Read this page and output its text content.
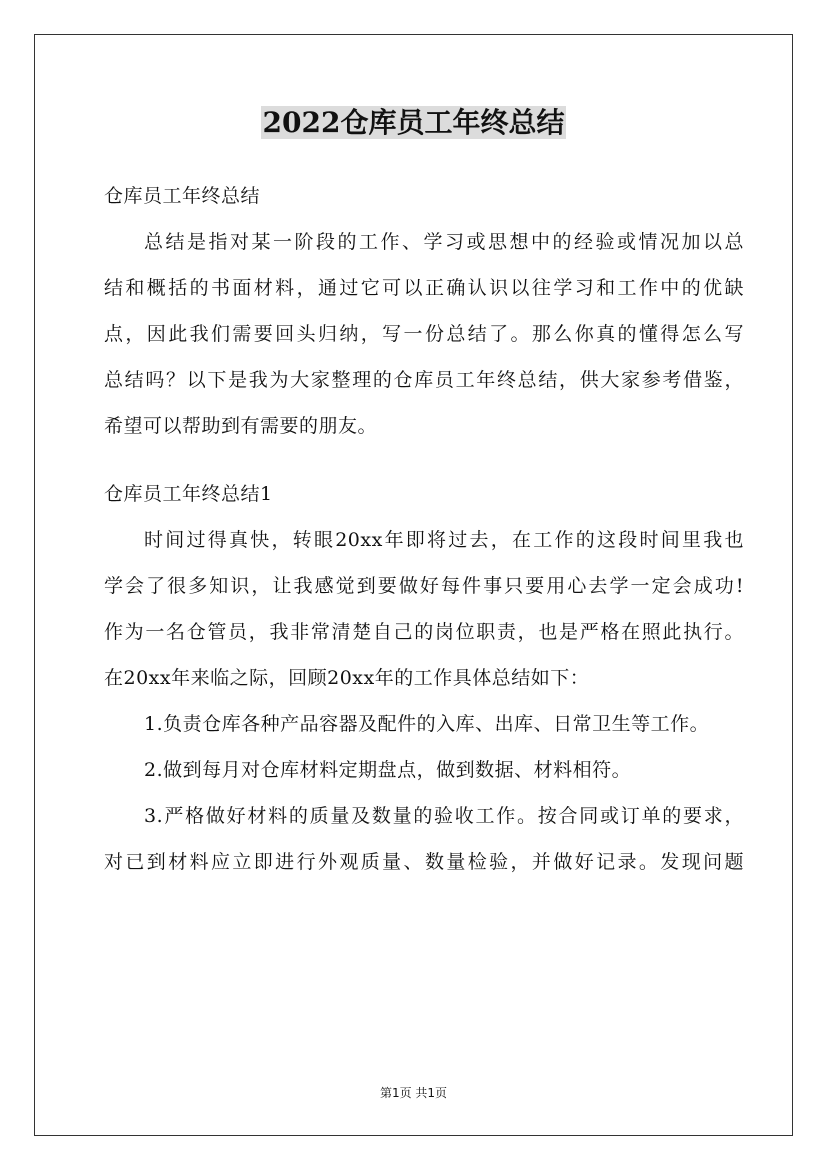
2022仓库员工年终总结
仓库员工年终总结
总结是指对某一阶段的工作、学习或思想中的经验或情况加以总
结和概括的书面材料，通过它可以正确认识以往学习和工作中的优缺
点，因此我们需要回头归纳，写一份总结了。那么你真的懂得怎么写
总结吗？以下是我为大家整理的仓库员工年终总结，供大家参考借鉴，
希望可以帮助到有需要的朋友。
仓库员工年终总结1
时间过得真快，转眼20xx年即将过去，在工作的这段时间里我也
学会了很多知识，让我感觉到要做好每件事只要用心去学一定会成功!
作为一名仓管员，我非常清楚自己的岗位职责，也是严格在照此执行。
在20xx年来临之际，回顾20xx年的工作具体总结如下：
1.负责仓库各种产品容器及配件的入库、出库、日常卫生等工作。
2.做到每月对仓库材料定期盘点，做到数据、材料相符。
3.严格做好材料的质量及数量的验收工作。按合同或订单的要求，
对已到材料应立即进行外观质量、数量检验，并做好记录。发现问题
第1页 共1页
